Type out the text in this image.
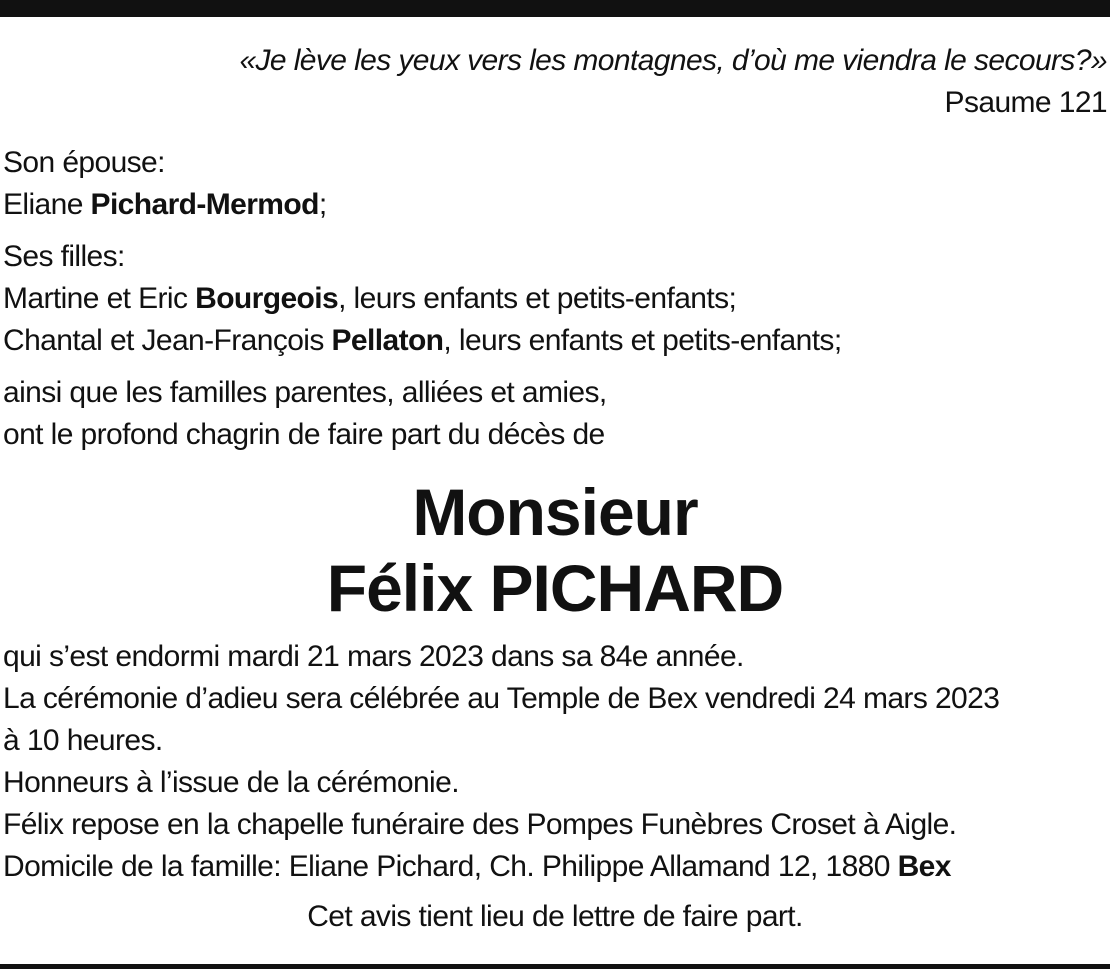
«Je lève les yeux vers les montagnes, d’où me viendra le secours?»
Psaume 121
Son épouse:
Eliane Pichard-Mermod;
Ses filles:
Martine et Eric Bourgeois, leurs enfants et petits-enfants;
Chantal et Jean-François Pellaton, leurs enfants et petits-enfants;
ainsi que les familles parentes, alliées et amies,
ont le profond chagrin de faire part du décès de
Monsieur
Félix PICHARD
qui s’est endormi mardi 21 mars 2023 dans sa 84e année.
La cérémonie d’adieu sera célébrée au Temple de Bex vendredi 24 mars 2023
à 10 heures.
Honneurs à l’issue de la cérémonie.
Félix repose en la chapelle funéraire des Pompes Funèbres Croset à Aigle.
Domicile de la famille: Eliane Pichard, Ch. Philippe Allamand 12, 1880 Bex
Cet avis tient lieu de lettre de faire part.
